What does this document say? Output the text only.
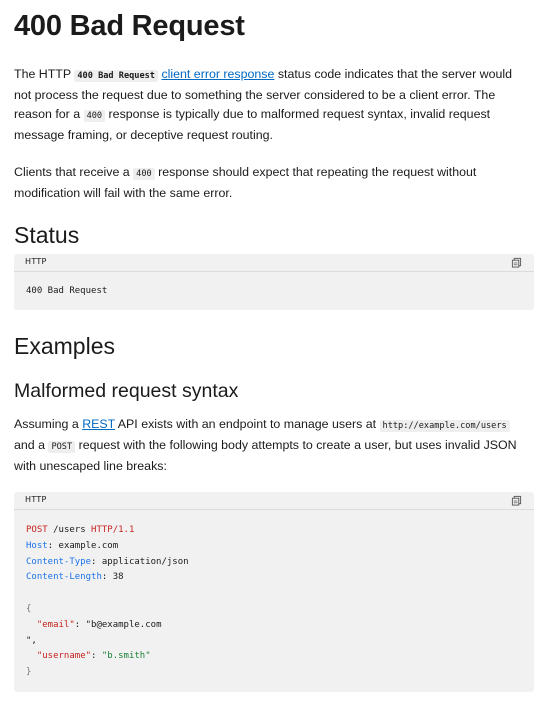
400 Bad Request

The HTTP 400 Bad Request client error response status code indicates that the server would not process the request due to something the server considered to be a client error. The reason for a 400 response is typically due to malformed request syntax, invalid request message framing, or deceptive request routing.

Clients that receive a 400 response should expect that repeating the request without modification will fail with the same error.

Status
HTTP
400 Bad Request
Examples
Malformed request syntax

Assuming a REST API exists with an endpoint to manage users at http://example.com/users and a POST request with the following body attempts to create a user, but uses invalid JSON with unescaped line breaks:

HTTP
POST /users HTTP/1.1
Host: example.com
Content-Type: application/json
Content-Length: 38

{
"email": "b@example.com
",
"username": "b.smith"
}
